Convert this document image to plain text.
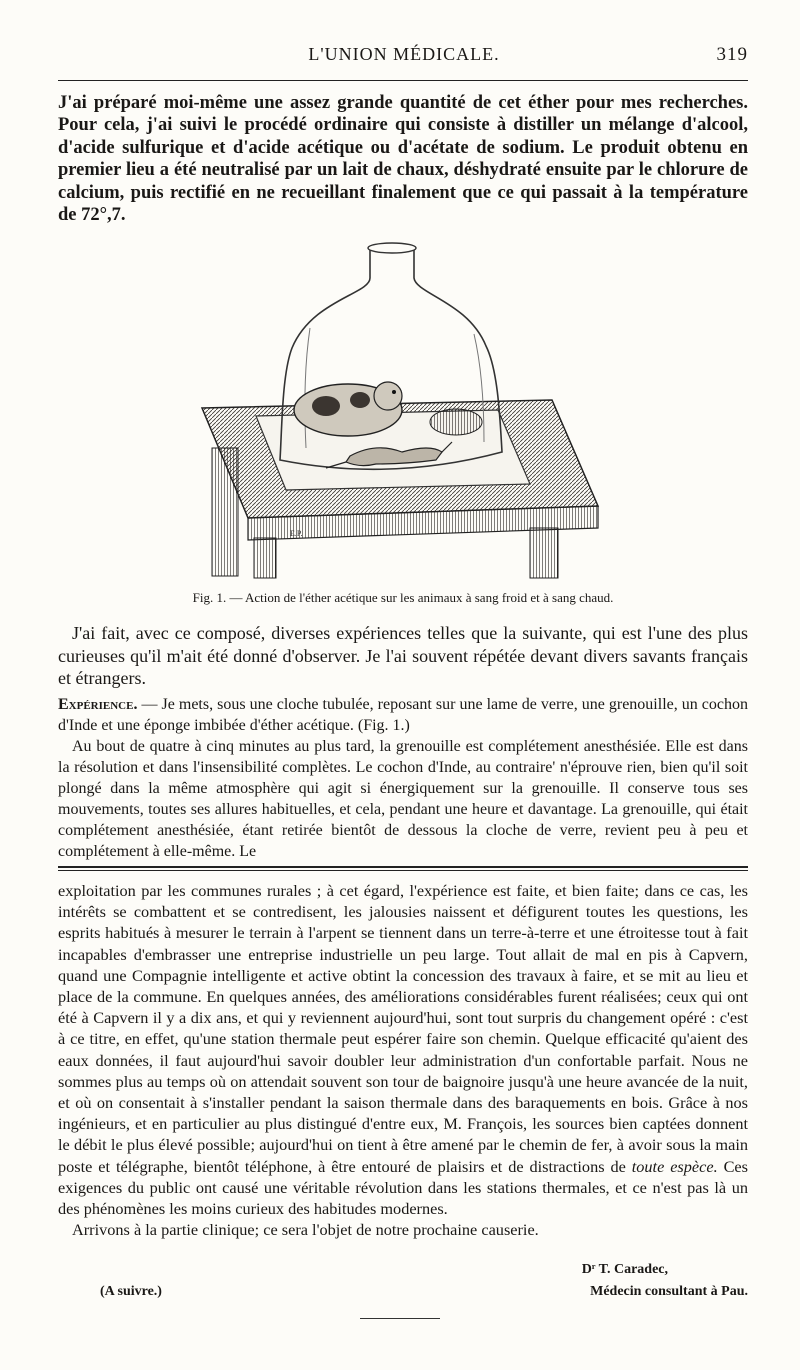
L'UNION MÉDICALE.	319

J'ai préparé moi-même une assez grande quantité de cet éther pour mes recherches. Pour cela, j'ai suivi le procédé ordinaire qui consiste à distiller un mélange d'alcool, d'acide sulfurique et d'acide acétique ou d'acétate de sodium. Le produit obtenu en premier lieu a été neutralisé par un lait de chaux, déshydraté ensuite par le chlorure de calcium, puis rectifié en ne recueillant finalement que ce qui passait à la température de 72°,7.

E.P.
Fig. 1. — Action de l'éther acétique sur les animaux à sang froid et à sang chaud.

J'ai fait, avec ce composé, diverses expériences telles que la suivante, qui est l'une des plus curieuses qu'il m'ait été donné d'observer. Je l'ai souvent répétée devant divers savants français et étrangers.

Expérience. — Je mets, sous une cloche tubulée, reposant sur une lame de verre, une grenouille, un cochon d'Inde et une éponge imbibée d'éther acétique. (Fig. 1.)

Au bout de quatre à cinq minutes au plus tard, la grenouille est complétement anesthésiée. Elle est dans la résolution et dans l'insensibilité complètes. Le cochon d'Inde, au contraire' n'éprouve rien, bien qu'il soit plongé dans la même atmosphère qui agit si énergiquement sur la grenouille. Il conserve tous ses mouvements, toutes ses allures habituelles, et cela, pendant une heure et davantage. La grenouille, qui était complétement anesthésiée, étant retirée bientôt de dessous la cloche de verre, revient peu à peu et complétement à elle-même. Le

exploitation par les communes rurales ; à cet égard, l'expérience est faite, et bien faite; dans ce cas, les intérêts se combattent et se contredisent, les jalousies naissent et défigurent toutes les questions, les esprits habitués à mesurer le terrain à l'arpent se tiennent dans un terre-à-terre et une étroitesse tout à fait incapables d'embrasser une entreprise industrielle un peu large. Tout allait de mal en pis à Capvern, quand une Compagnie intelligente et active obtint la concession des travaux à faire, et se mit au lieu et place de la commune. En quelques années, des améliorations considérables furent réalisées; ceux qui ont été à Capvern il y a dix ans, et qui y reviennent aujourd'hui, sont tout surpris du changement opéré : c'est à ce titre, en effet, qu'une station thermale peut espérer faire son chemin. Quelque efficacité qu'aient des eaux données, il faut aujourd'hui savoir doubler leur administration d'un confortable parfait. Nous ne sommes plus au temps où on attendait souvent son tour de baignoire jusqu'à une heure avancée de la nuit, et où on consentait à s'installer pendant la saison thermale dans des baraquements en bois. Grâce à nos ingénieurs, et en particulier au plus distingué d'entre eux, M. François, les sources bien captées donnent le débit le plus élevé possible; aujourd'hui on tient à être amené par le chemin de fer, à avoir sous la main poste et télégraphe, bientôt téléphone, à être entouré de plaisirs et de distractions de toute espèce. Ces exigences du public ont causé une véritable révolution dans les stations thermales, et ce n'est pas là un des phénomènes les moins curieux des habitudes modernes.

Arrivons à la partie clinique; ce sera l'objet de notre prochaine causerie.

Dʳ T. Caradec,
Médecin consultant à Pau.
(A suivre.)
